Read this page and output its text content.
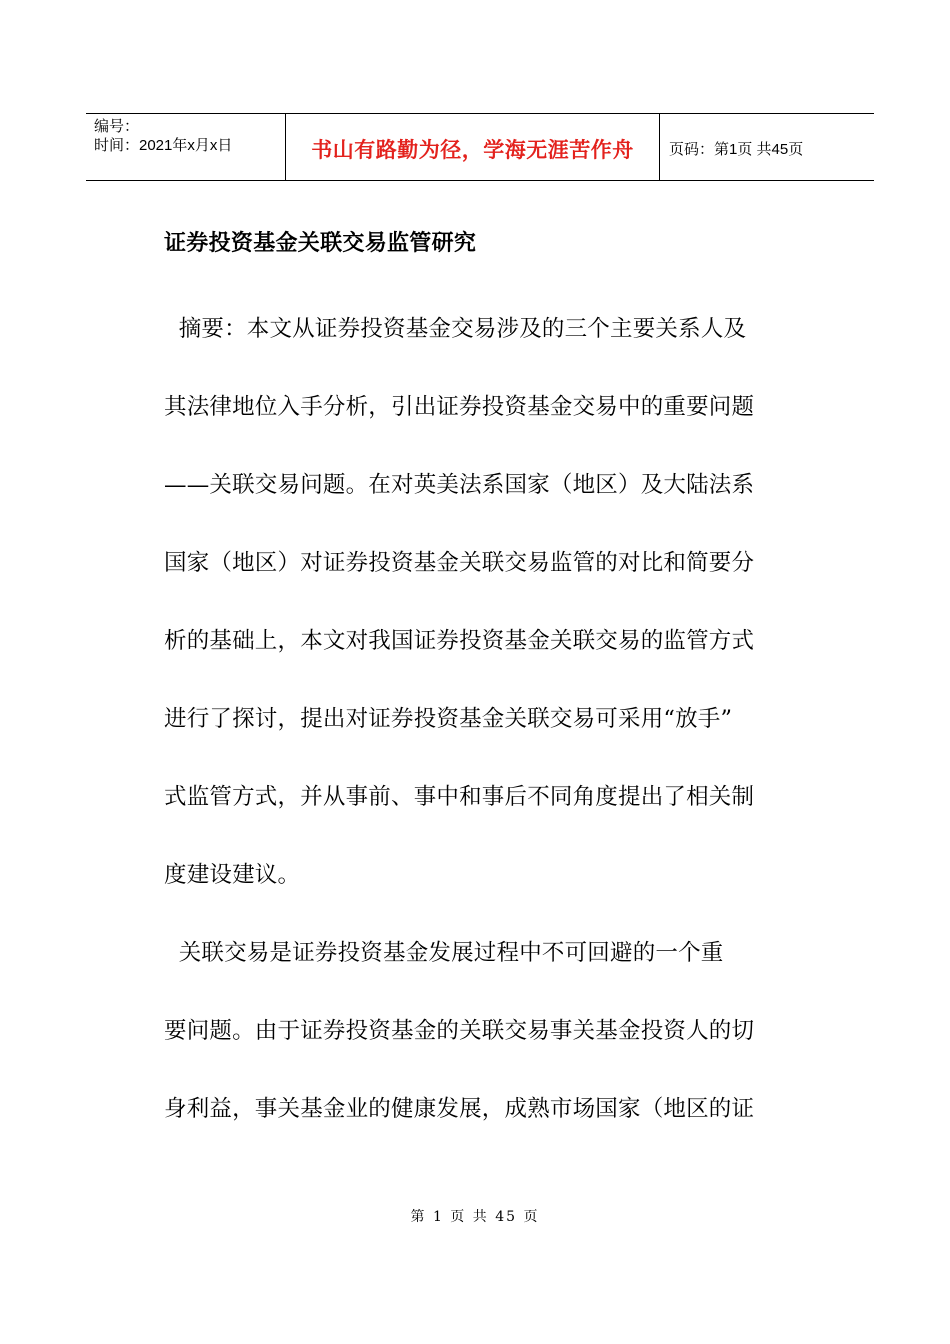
编号：
时间：2021年x月x日	书山有路勤为径，学海无涯苦作舟 页码：第1页 共45页
证券投资基金关联交易监管研究
摘要：本文从证券投资基金交易涉及的三个主要关系人及
其法律地位入手分析，引出证券投资基金交易中的重要问题
——关联交易问题。在对英美法系国家（地区）及大陆法系
国家（地区）对证券投资基金关联交易监管的对比和简要分
析的基础上，本文对我国证券投资基金关联交易的监管方式
进行了探讨，提出对证券投资基金关联交易可采用“放手”
式监管方式，并从事前、事中和事后不同角度提出了相关制
度建设建议。
关联交易是证券投资基金发展过程中不可回避的一个重
要问题。由于证券投资基金的关联交易事关基金投资人的切
身利益，事关基金业的健康发展，成熟市场国家（地区的证
第 1 页 共 45 页
